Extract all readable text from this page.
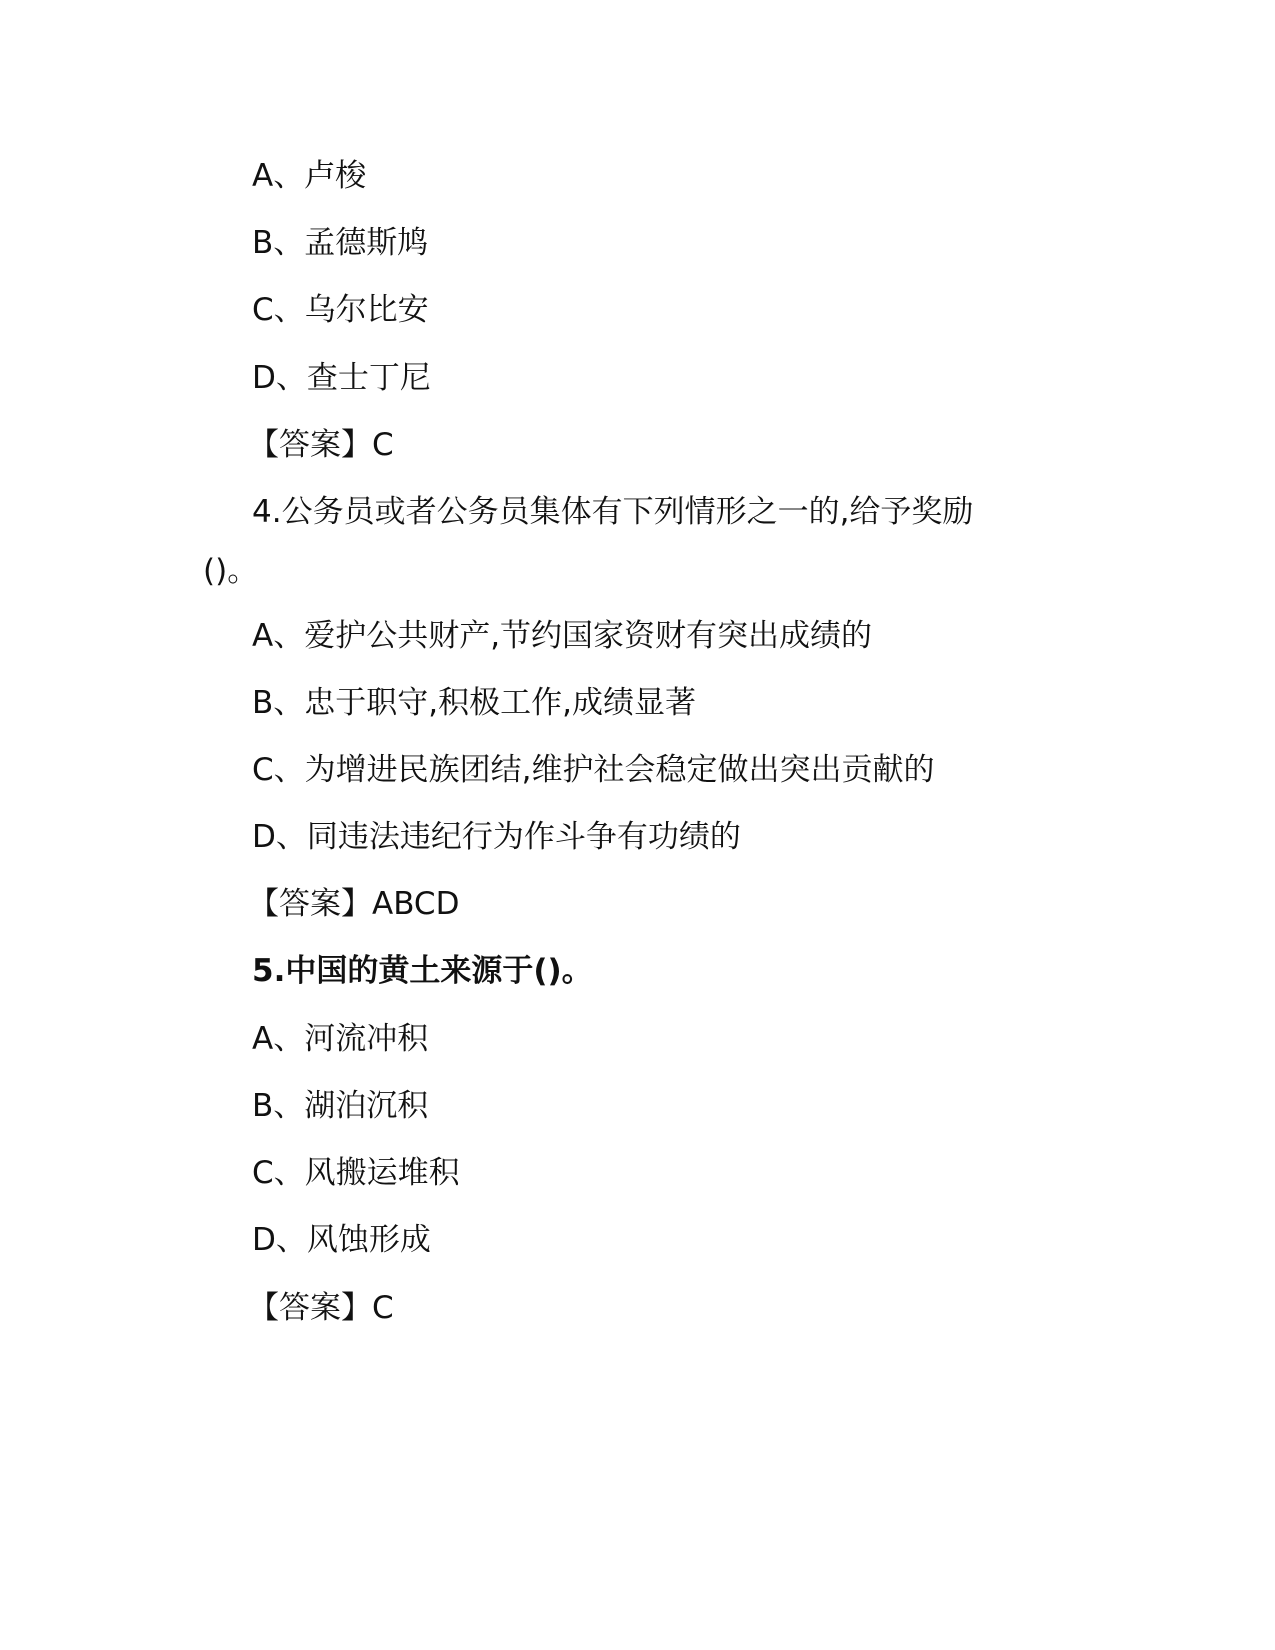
A、卢梭
B、孟德斯鸠
C、乌尔比安
D、查士丁尼
【答案】C
4.公务员或者公务员集体有下列情形之一的,给予奖励
()。
A、爱护公共财产,节约国家资财有突出成绩的
B、忠于职守,积极工作,成绩显著
C、为增进民族团结,维护社会稳定做出突出贡献的
D、同违法违纪行为作斗争有功绩的
【答案】ABCD
5.中国的黄土来源于()。
A、河流冲积
B、湖泊沉积
C、风搬运堆积
D、风蚀形成
【答案】C
